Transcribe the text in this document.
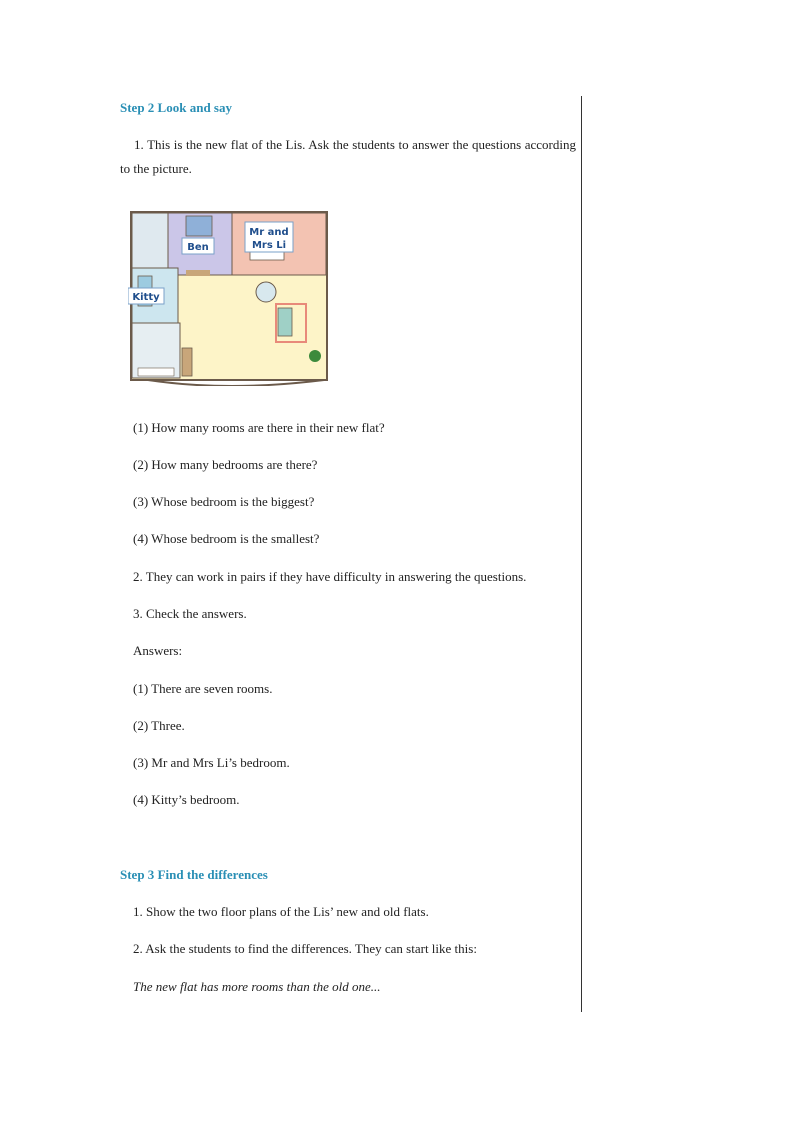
Step 2 Look and say
1. This is the new flat of the Lis. Ask the students to answer the questions according to the picture.
Ben
Mr and
Mrs Li
Kitty
(1) How many rooms are there in their new flat?
(2) How many bedrooms are there?
(3) Whose bedroom is the biggest?
(4) Whose bedroom is the smallest?
2. They can work in pairs if they have difficulty in answering the questions.
3. Check the answers.
Answers:
(1) There are seven rooms.
(2) Three.
(3) Mr and Mrs Li’s bedroom.
(4) Kitty’s bedroom.
Step 3 Find the differences
1. Show the two floor plans of the Lis’ new and old flats.
2. Ask the students to find the differences. They can start like this:
The new flat has more rooms than the old one...
